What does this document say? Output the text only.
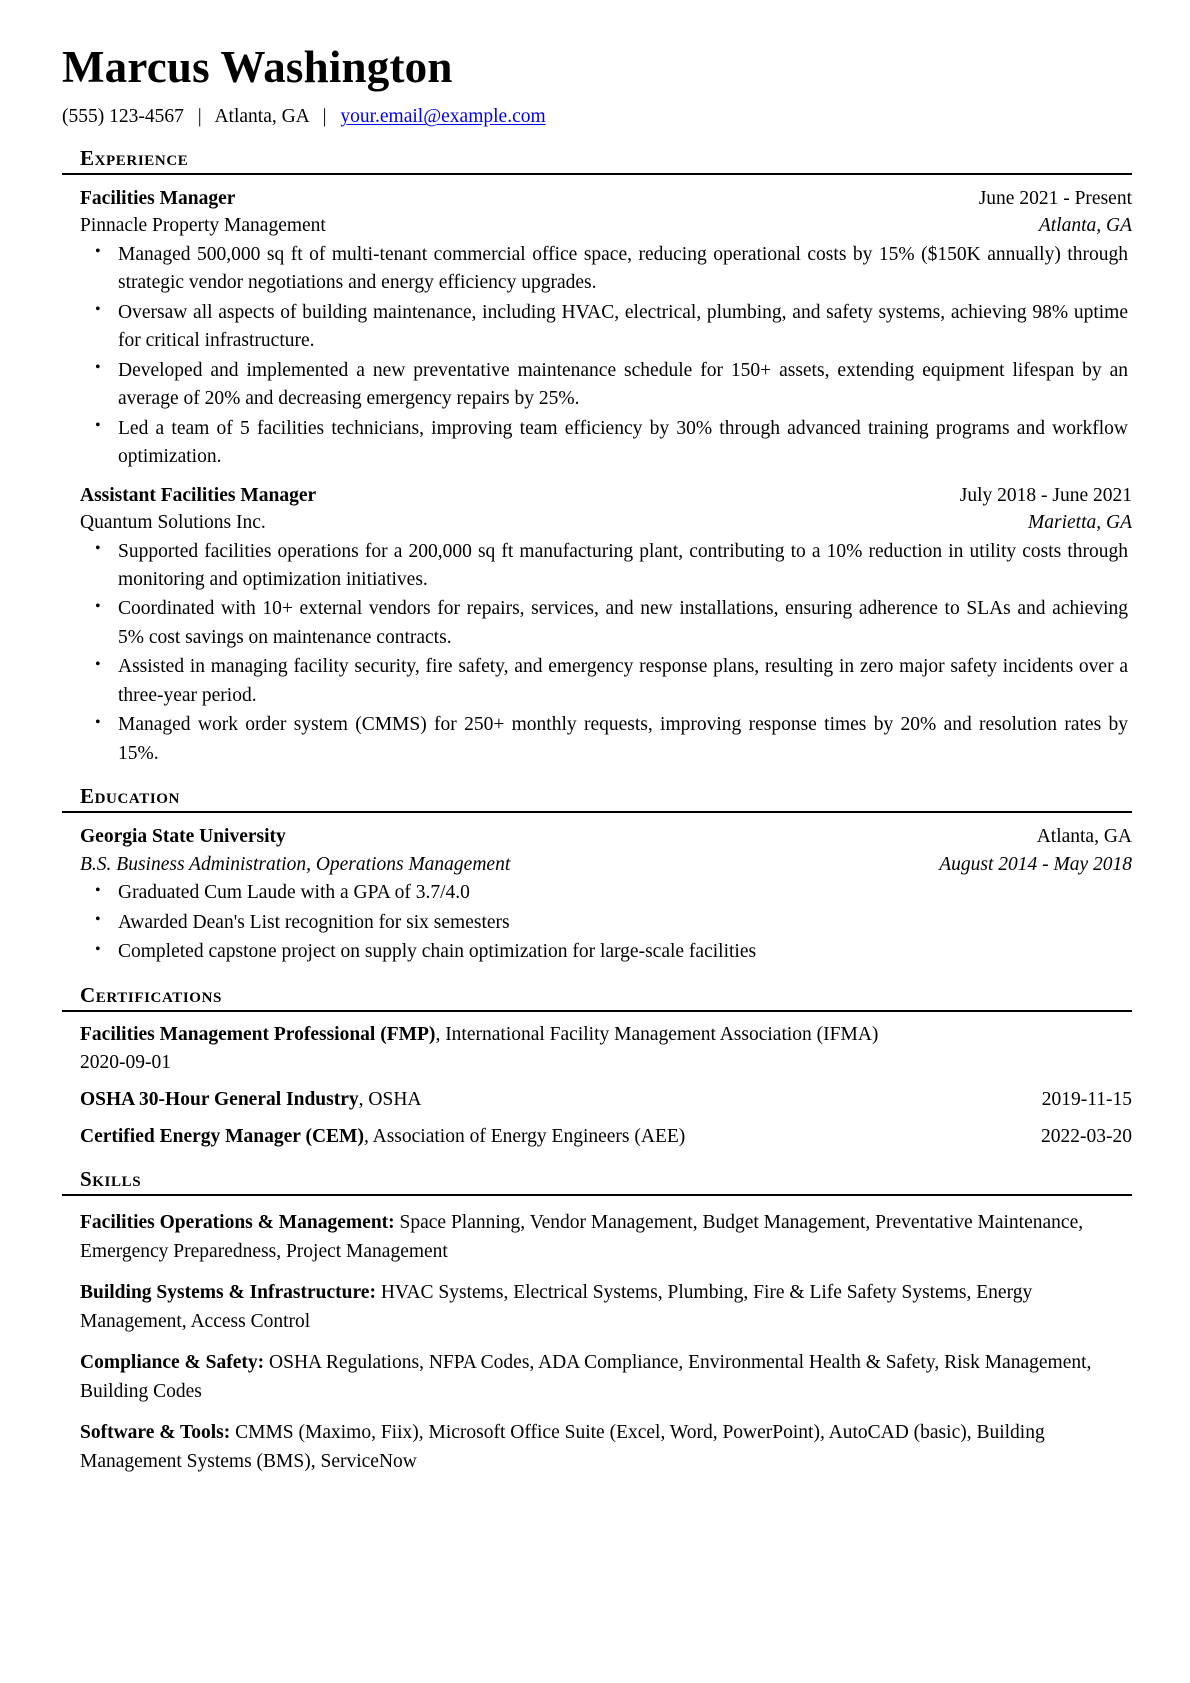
Marcus Washington
(555) 123-4567 | Atlanta, GA | your.email@example.com
Experience
Facilities Manager	June 2021 - Present
Pinnacle Property Management	Atlanta, GA
• Managed 500,000 sq ft of multi-tenant commercial office space, reducing operational costs by 15% ($150K annually) through strategic vendor negotiations and energy efficiency upgrades.
• Oversaw all aspects of building maintenance, including HVAC, electrical, plumbing, and safety systems, achieving 98% uptime for critical infrastructure.
• Developed and implemented a new preventative maintenance schedule for 150+ assets, extending equipment lifespan by an average of 20% and decreasing emergency repairs by 25%.
• Led a team of 5 facilities technicians, improving team efficiency by 30% through advanced training programs and workflow optimization.
Assistant Facilities Manager	July 2018 - June 2021
Quantum Solutions Inc.	Marietta, GA
• Supported facilities operations for a 200,000 sq ft manufacturing plant, contributing to a 10% reduction in utility costs through monitoring and optimization initiatives.
• Coordinated with 10+ external vendors for repairs, services, and new installations, ensuring adherence to SLAs and achieving 5% cost savings on maintenance contracts.
• Assisted in managing facility security, fire safety, and emergency response plans, resulting in zero major safety incidents over a three-year period.
• Managed work order system (CMMS) for 250+ monthly requests, improving response times by 20% and resolution rates by 15%.
Education
Georgia State University	Atlanta, GA
B.S. Business Administration, Operations Management	August 2014 - May 2018
• Graduated Cum Laude with a GPA of 3.7/4.0
• Awarded Dean's List recognition for six semesters
• Completed capstone project on supply chain optimization for large-scale facilities
Certifications
Facilities Management Professional (FMP), International Facility Management Association (IFMA)
2020-09-01
OSHA 30-Hour General Industry, OSHA	2019-11-15
Certified Energy Manager (CEM), Association of Energy Engineers (AEE)	2022-03-20
Skills
Facilities Operations & Management: Space Planning, Vendor Management, Budget Management, Preventative Maintenance, Emergency Preparedness, Project Management
Building Systems & Infrastructure: HVAC Systems, Electrical Systems, Plumbing, Fire & Life Safety Systems, Energy Management, Access Control
Compliance & Safety: OSHA Regulations, NFPA Codes, ADA Compliance, Environmental Health & Safety, Risk Management, Building Codes
Software & Tools: CMMS (Maximo, Fiix), Microsoft Office Suite (Excel, Word, PowerPoint), AutoCAD (basic), Building Management Systems (BMS), ServiceNow
